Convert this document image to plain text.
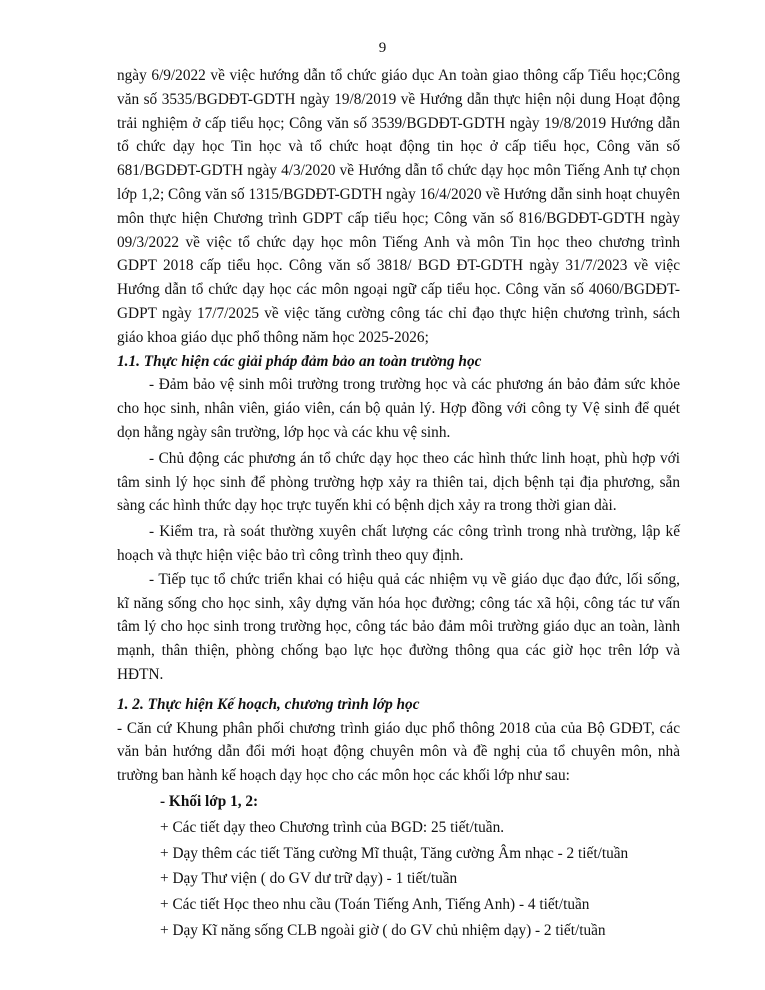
9

ngày 6/9/2022 về việc hướng dẫn tổ chức giáo dục An toàn giao thông cấp Tiểu học;Công văn số 3535/BGDĐT-GDTH ngày 19/8/2019 về Hướng dẫn thực hiện nội dung Hoạt động trải nghiệm ở cấp tiểu học; Công văn số 3539/BGDĐT-GDTH ngày 19/8/2019 Hướng dẫn tổ chức dạy học Tin học và tổ chức hoạt động tin học ở cấp tiểu học, Công văn số 681/BGDĐT-GDTH ngày 4/3/2020 về Hướng dẫn tổ chức dạy học môn Tiếng Anh tự chọn lớp 1,2; Công văn số 1315/BGDĐT-GDTH ngày 16/4/2020 về Hướng dẫn sinh hoạt chuyên môn thực hiện Chương trình GDPT cấp tiểu học; Công văn số 816/BGDĐT-GDTH ngày 09/3/2022 về việc tổ chức dạy học môn Tiếng Anh và môn Tin học theo chương trình GDPT 2018 cấp tiểu học. Công văn số 3818/ BGD ĐT-GDTH ngày 31/7/2023 về việc Hướng dẫn tổ chức dạy học các môn ngoại ngữ cấp tiểu học. Công văn số 4060/BGDĐT-GDPT ngày 17/7/2025 về việc tăng cường công tác chỉ đạo thực hiện chương trình, sách giáo khoa giáo dục phổ thông năm học 2025-2026;

1.1. Thực hiện các giải pháp đảm bảo an toàn trường học

- Đảm bảo vệ sinh môi trường trong trường học và các phương án bảo đảm sức khỏe cho học sinh, nhân viên, giáo viên, cán bộ quản lý. Hợp đồng với công ty Vệ sinh để quét dọn hằng ngày sân trường, lớp học và các khu vệ sinh.

- Chủ động các phương án tổ chức dạy học theo các hình thức linh hoạt, phù hợp với tâm sinh lý học sinh để phòng trường hợp xảy ra thiên tai, dịch bệnh tại địa phương, sẵn sàng các hình thức dạy học trực tuyến khi có bệnh dịch xảy ra trong thời gian dài.

- Kiểm tra, rà soát thường xuyên chất lượng các công trình trong nhà trường, lập kế hoạch và thực hiện việc bảo trì công trình theo quy định.

- Tiếp tục tổ chức triển khai có hiệu quả các nhiệm vụ về giáo dục đạo đức, lối sống, kĩ năng sống cho học sinh, xây dựng văn hóa học đường; công tác xã hội, công tác tư vấn tâm lý cho học sinh trong trường học, công tác bảo đảm môi trường giáo dục an toàn, lành mạnh, thân thiện, phòng chống bạo lực học đường thông qua các giờ học trên lớp và HĐTN.

1. 2. Thực hiện Kế hoạch, chương trình lớp học

- Căn cứ Khung phân phối chương trình giáo dục phổ thông 2018 của của Bộ GDĐT, các văn bản hướng dẫn đổi mới hoạt động chuyên môn và đề nghị của tổ chuyên môn, nhà trường ban hành kế hoạch dạy học cho các môn học các khối lớp như sau:

- Khối lớp 1, 2:

+ Các tiết dạy theo Chương trình của BGD: 25 tiết/tuần.

+ Dạy thêm các tiết Tăng cường Mĩ thuật, Tăng cường Âm nhạc - 2 tiết/tuần

+ Dạy Thư viện ( do GV dư trữ dạy) - 1 tiết/tuần

+ Các tiết Học theo nhu cầu (Toán Tiếng Anh, Tiếng Anh) - 4 tiết/tuần

+ Dạy Kĩ năng sống CLB ngoài giờ ( do GV chủ nhiệm dạy) - 2 tiết/tuần
